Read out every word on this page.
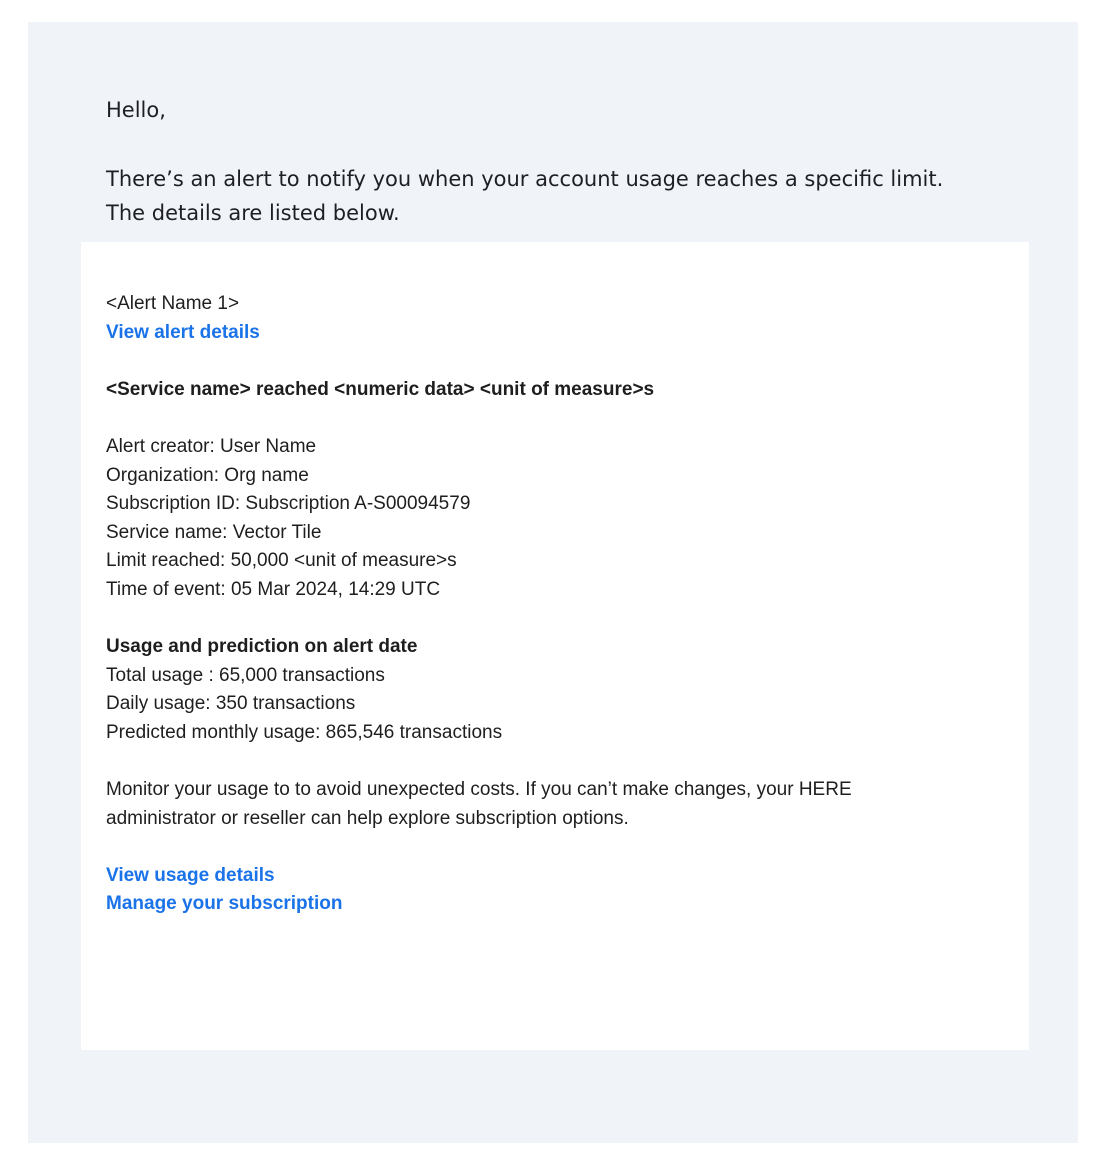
Hello,

There’s an alert to notify you when your account usage reaches a specific limit.
The details are listed below.

<Alert Name 1>
View alert details
<Service name> reached <numeric data> <unit of measure>s
Alert creator: User Name
Organization: Org name
Subscription ID: Subscription A-S00094579
Service name: Vector Tile
Limit reached: 50,000 <unit of measure>s
Time of event: 05 Mar 2024, 14:29 UTC
Usage and prediction on alert date
Total usage : 65,000 transactions
Daily usage: 350 transactions
Predicted monthly usage: 865,546 transactions
Monitor your usage to to avoid unexpected costs. If you can’t make changes, your HERE
administrator or reseller can help explore subscription options.
View usage details
Manage your subscription
